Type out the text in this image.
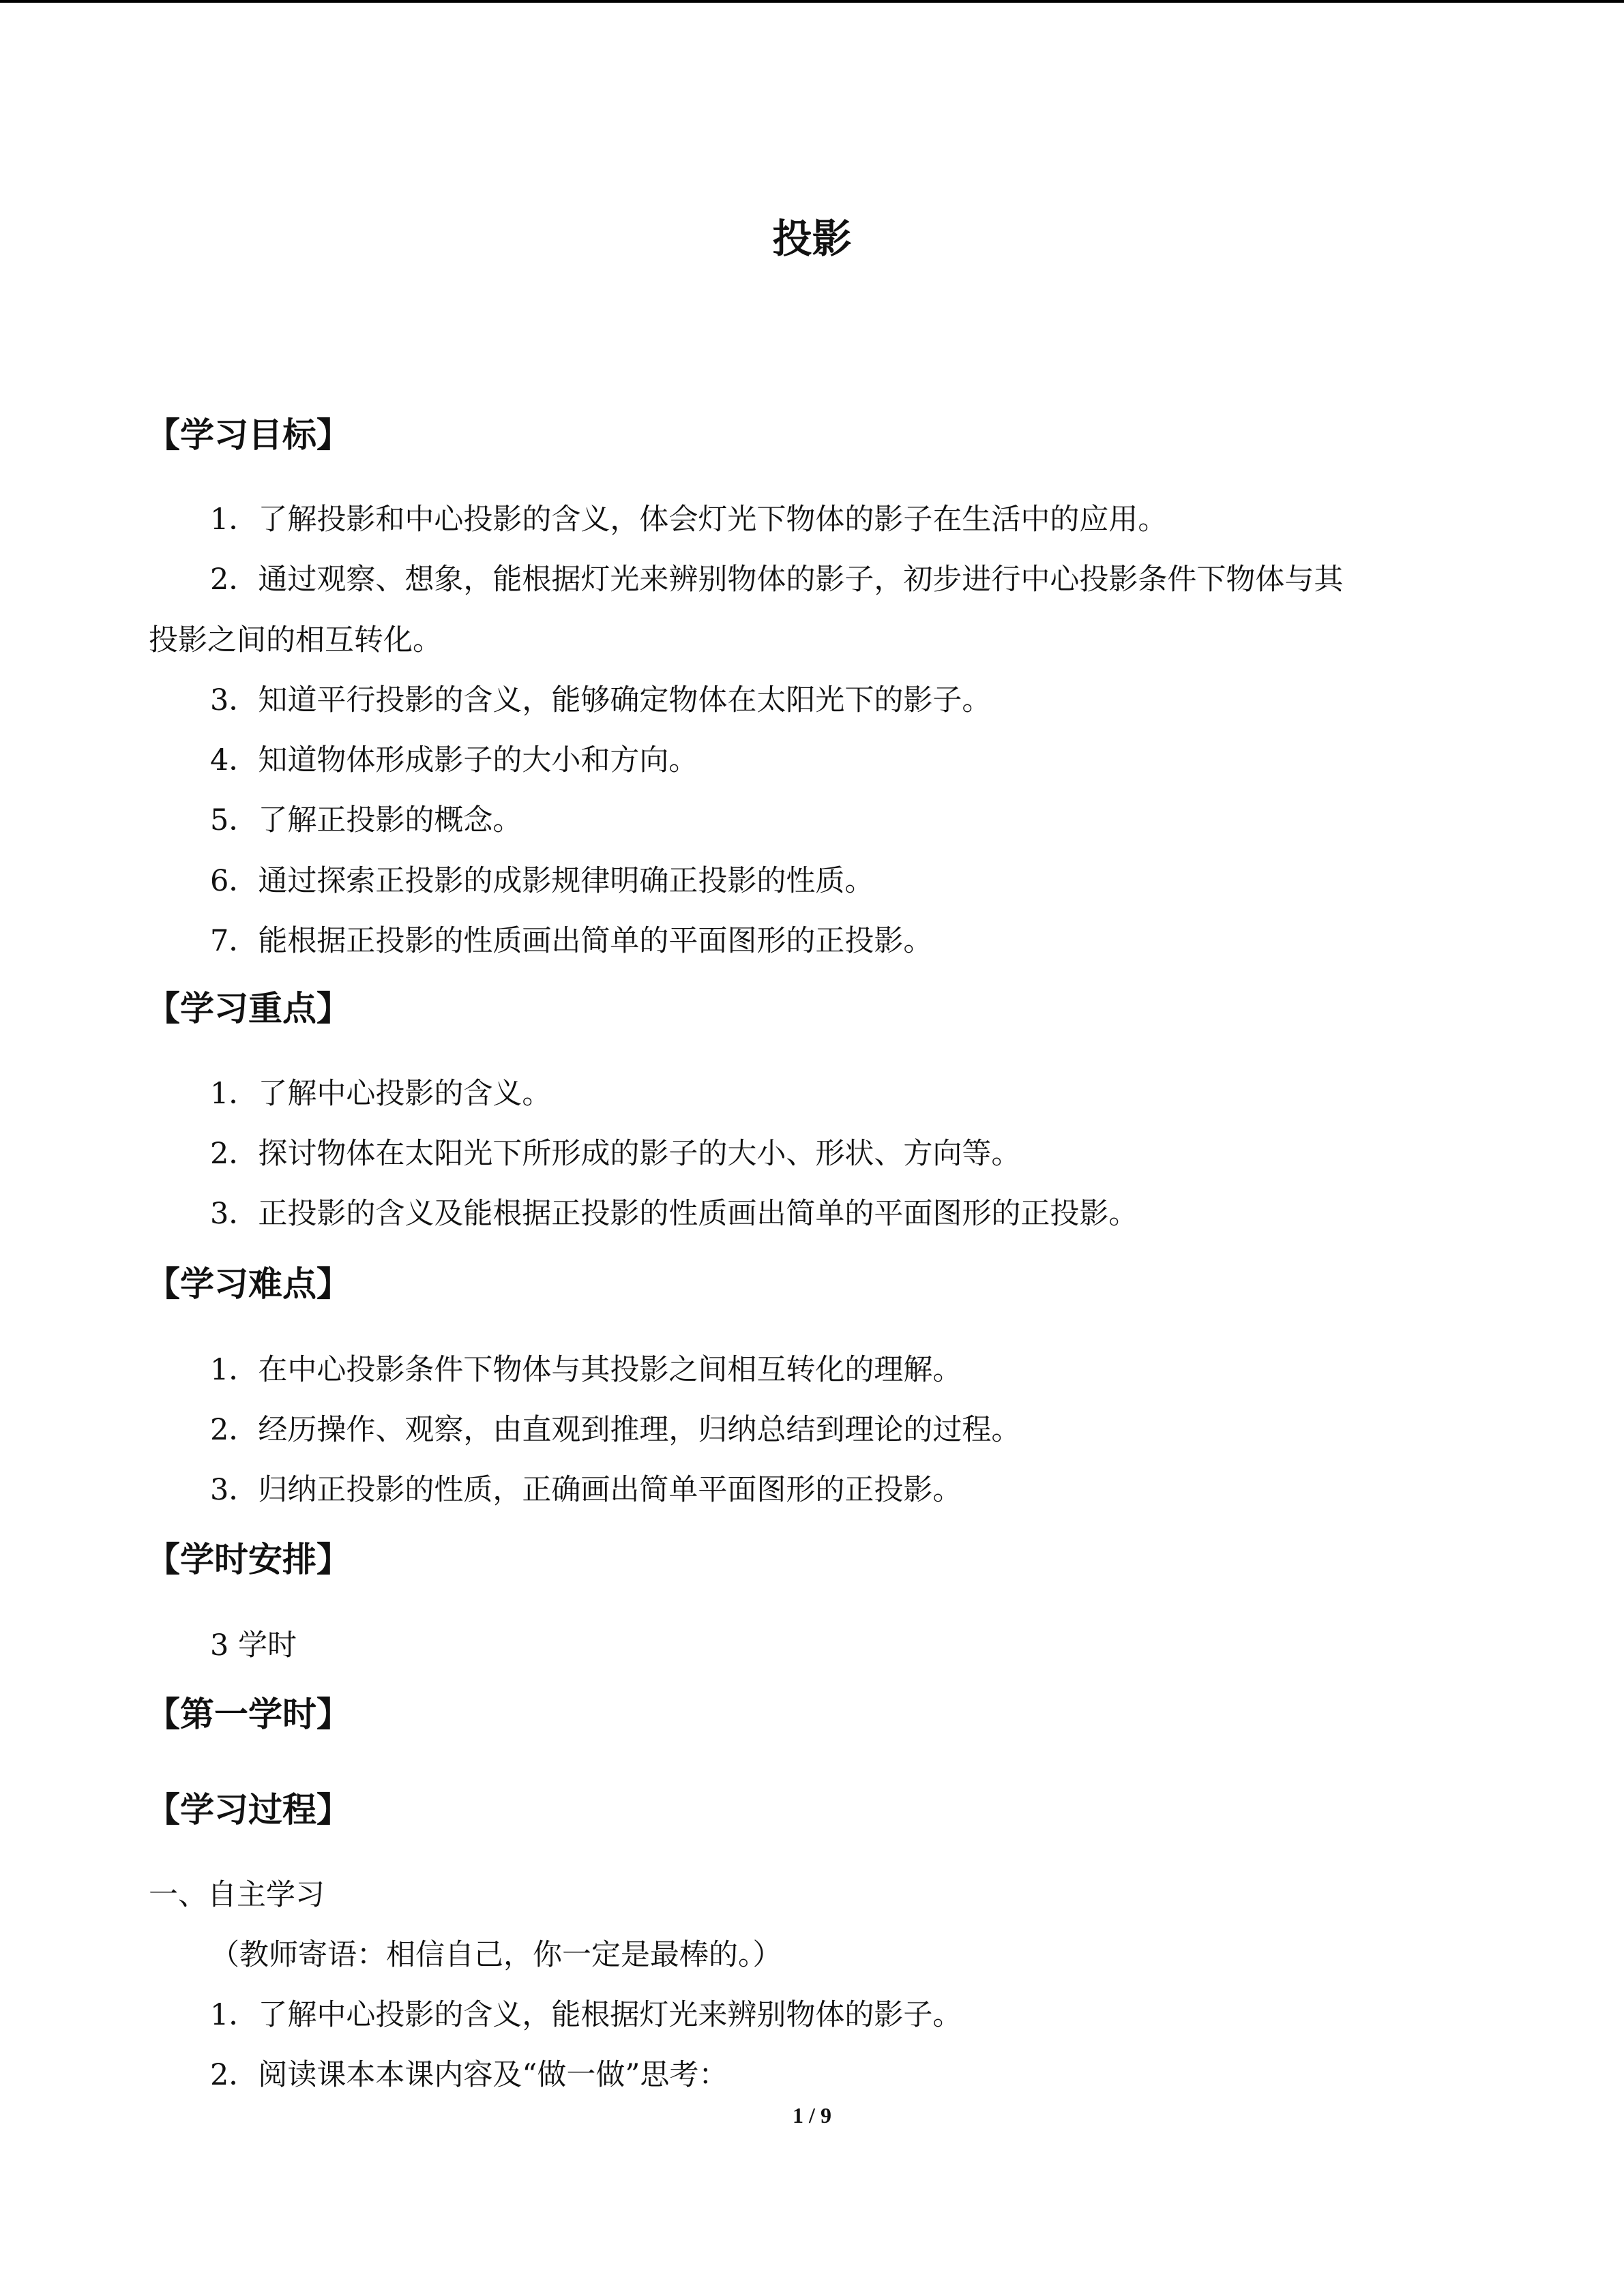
投影
【学习目标】
1．了解投影和中心投影的含义，体会灯光下物体的影子在生活中的应用。
2．通过观察、想象，能根据灯光来辨别物体的影子，初步进行中心投影条件下物体与其
投影之间的相互转化。
3．知道平行投影的含义，能够确定物体在太阳光下的影子。
4．知道物体形成影子的大小和方向。
5．了解正投影的概念。
6．通过探索正投影的成影规律明确正投影的性质。
7．能根据正投影的性质画出简单的平面图形的正投影。
【学习重点】
1．了解中心投影的含义。
2．探讨物体在太阳光下所形成的影子的大小、形状、方向等。
3．正投影的含义及能根据正投影的性质画出简单的平面图形的正投影。
【学习难点】
1．在中心投影条件下物体与其投影之间相互转化的理解。
2．经历操作、观察，由直观到推理，归纳总结到理论的过程。
3．归纳正投影的性质，正确画出简单平面图形的正投影。
【学时安排】
3 学时
【第一学时】
【学习过程】
一、自主学习
（教师寄语：相信自己，你一定是最棒的。）
1．了解中心投影的含义，能根据灯光来辨别物体的影子。
2．阅读课本本课内容及“做一做”思考：
1 / 9
